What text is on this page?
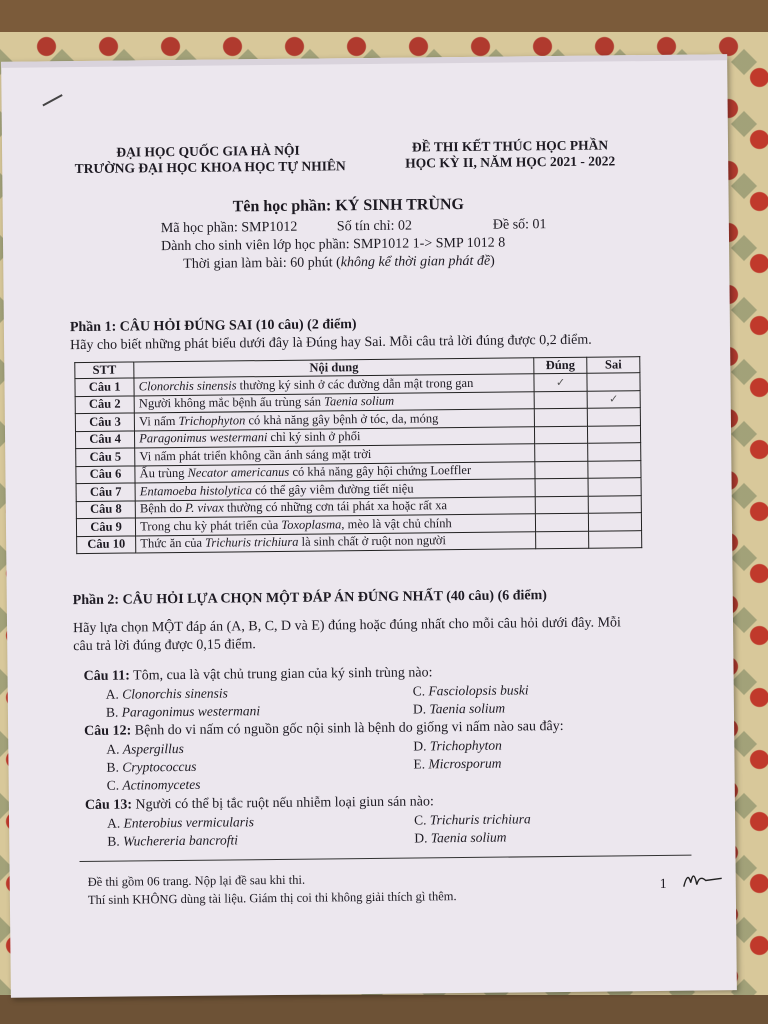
ĐẠI HỌC QUỐC GIA HÀ NỘI
TRƯỜNG ĐẠI HỌC KHOA HỌC TỰ NHIÊN
ĐỀ THI KẾT THÚC HỌC PHẦN
HỌC KỲ II, NĂM HỌC 2021 - 2022
Tên học phần: KÝ SINH TRÙNG
Mã học phần: SMP1012	Số tín chỉ: 02	Đề số: 01
Dành cho sinh viên lớp học phần: SMP1012 1-> SMP 1012 8
Thời gian làm bài: 60 phút (không kể thời gian phát đề)
Phần 1: CÂU HỎI ĐÚNG SAI (10 câu) (2 điểm)
Hãy cho biết những phát biểu dưới đây là Đúng hay Sai. Mỗi câu trả lời đúng được 0,2 điểm.
STT	Nội dung	Đúng	Sai
Câu 1	Clonorchis sinensis thường ký sinh ở các đường dẫn mật trong gan	✓	
Câu 2	Người không mắc bệnh ấu trùng sán Taenia solium		✓
Câu 3	Vi nấm Trichophyton có khả năng gây bệnh ở tóc, da, móng		
Câu 4	Paragonimus westermani chỉ ký sinh ở phổi		
Câu 5	Vi nấm phát triển không cần ánh sáng mặt trời		
Câu 6	Ấu trùng Necator americanus có khả năng gây hội chứng Loeffler		
Câu 7	Entamoeba histolytica có thể gây viêm đường tiết niệu		
Câu 8	Bệnh do P. vivax thường có những cơn tái phát xa hoặc rất xa		
Câu 9	Trong chu kỳ phát triển của Toxoplasma, mèo là vật chủ chính		
Câu 10	Thức ăn của Trichuris trichiura là sinh chất ở ruột non người		
Phần 2: CÂU HỎI LỰA CHỌN MỘT ĐÁP ÁN ĐÚNG NHẤT (40 câu) (6 điểm)
Hãy lựa chọn MỘT đáp án (A, B, C, D và E) đúng hoặc đúng nhất cho mỗi câu hỏi dưới đây. Mỗi
câu trả lời đúng được 0,15 điểm.
Câu 11: Tôm, cua là vật chủ trung gian của ký sinh trùng nào:
A. Clonorchis sinensis	C. Fasciolopsis buski
B. Paragonimus westermani	D. Taenia solium
Câu 12: Bệnh do vi nấm có nguồn gốc nội sinh là bệnh do giống vi nấm nào sau đây:
A. Aspergillus	D. Trichophyton
B. Cryptococcus	E. Microsporum
C. Actinomycetes
Câu 13: Người có thể bị tắc ruột nếu nhiễm loại giun sán nào:
A. Enterobius vermicularis	C. Trichuris trichiura
B. Wuchereria bancrofti	D. Taenia solium
Đề thi gồm 06 trang. Nộp lại đề sau khi thi.
Thí sinh KHÔNG dùng tài liệu. Giám thị coi thi không giải thích gì thêm.
1
